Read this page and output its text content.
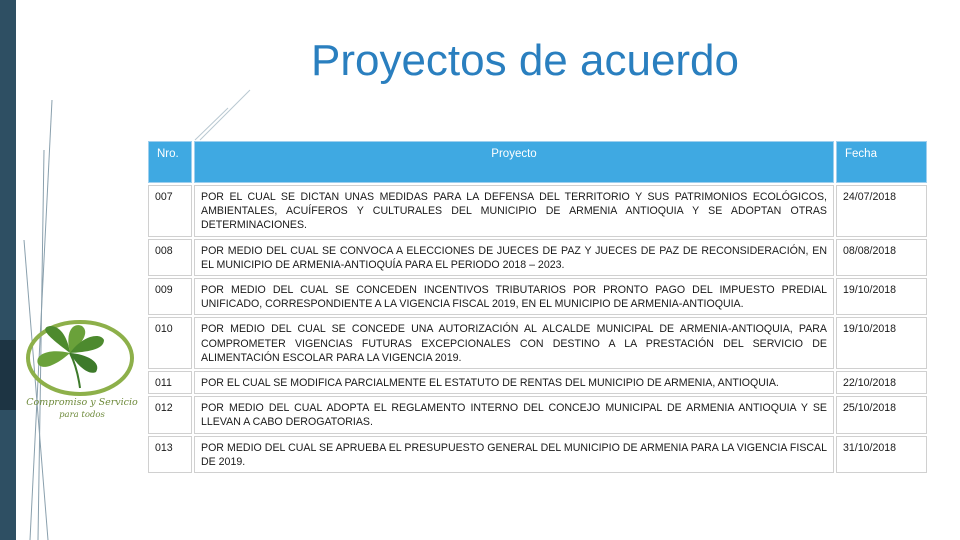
Proyectos de acuerdo
Compromiso y Servicio
para todos
Nro.	Proyecto	Fecha
007	POR EL CUAL SE DICTAN UNAS MEDIDAS PARA LA DEFENSA DEL TERRITORIO Y SUS PATRIMONIOS ECOLÓGICOS, AMBIENTALES, ACUÍFEROS Y CULTURALES DEL MUNICIPIO DE ARMENIA ANTIOQUIA Y SE ADOPTAN OTRAS DETERMINACIONES.	24/07/2018
008	POR MEDIO DEL CUAL SE CONVOCA A ELECCIONES DE JUECES DE PAZ Y JUECES DE PAZ DE RECONSIDERACIÓN, EN EL MUNICIPIO DE ARMENIA-ANTIOQUÍA PARA EL PERIODO 2018 – 2023.	08/08/2018
009	POR MEDIO DEL CUAL SE CONCEDEN INCENTIVOS TRIBUTARIOS POR PRONTO PAGO DEL IMPUESTO PREDIAL UNIFICADO, CORRESPONDIENTE A LA VIGENCIA FISCAL 2019, EN EL MUNICIPIO DE ARMENIA-ANTIOQUIA.	19/10/2018
010	POR MEDIO DEL CUAL SE CONCEDE UNA AUTORIZACIÓN AL ALCALDE MUNICIPAL DE ARMENIA-ANTIOQUIA, PARA COMPROMETER VIGENCIAS FUTURAS EXCEPCIONALES CON DESTINO A LA PRESTACIÓN DEL SERVICIO DE ALIMENTACIÓN ESCOLAR PARA LA VIGENCIA 2019.	19/10/2018
011	POR EL CUAL SE MODIFICA PARCIALMENTE EL ESTATUTO DE RENTAS DEL MUNICIPIO DE ARMENIA, ANTIOQUIA.	22/10/2018
012	POR MEDIO DEL CUAL ADOPTA EL REGLAMENTO INTERNO DEL CONCEJO MUNICIPAL DE ARMENIA ANTIOQUIA Y SE LLEVAN A CABO DEROGATORIAS.	25/10/2018
013	POR MEDIO DEL CUAL SE APRUEBA EL PRESUPUESTO GENERAL DEL MUNICIPIO DE ARMENIA PARA LA VIGENCIA FISCAL DE 2019.	31/10/2018
